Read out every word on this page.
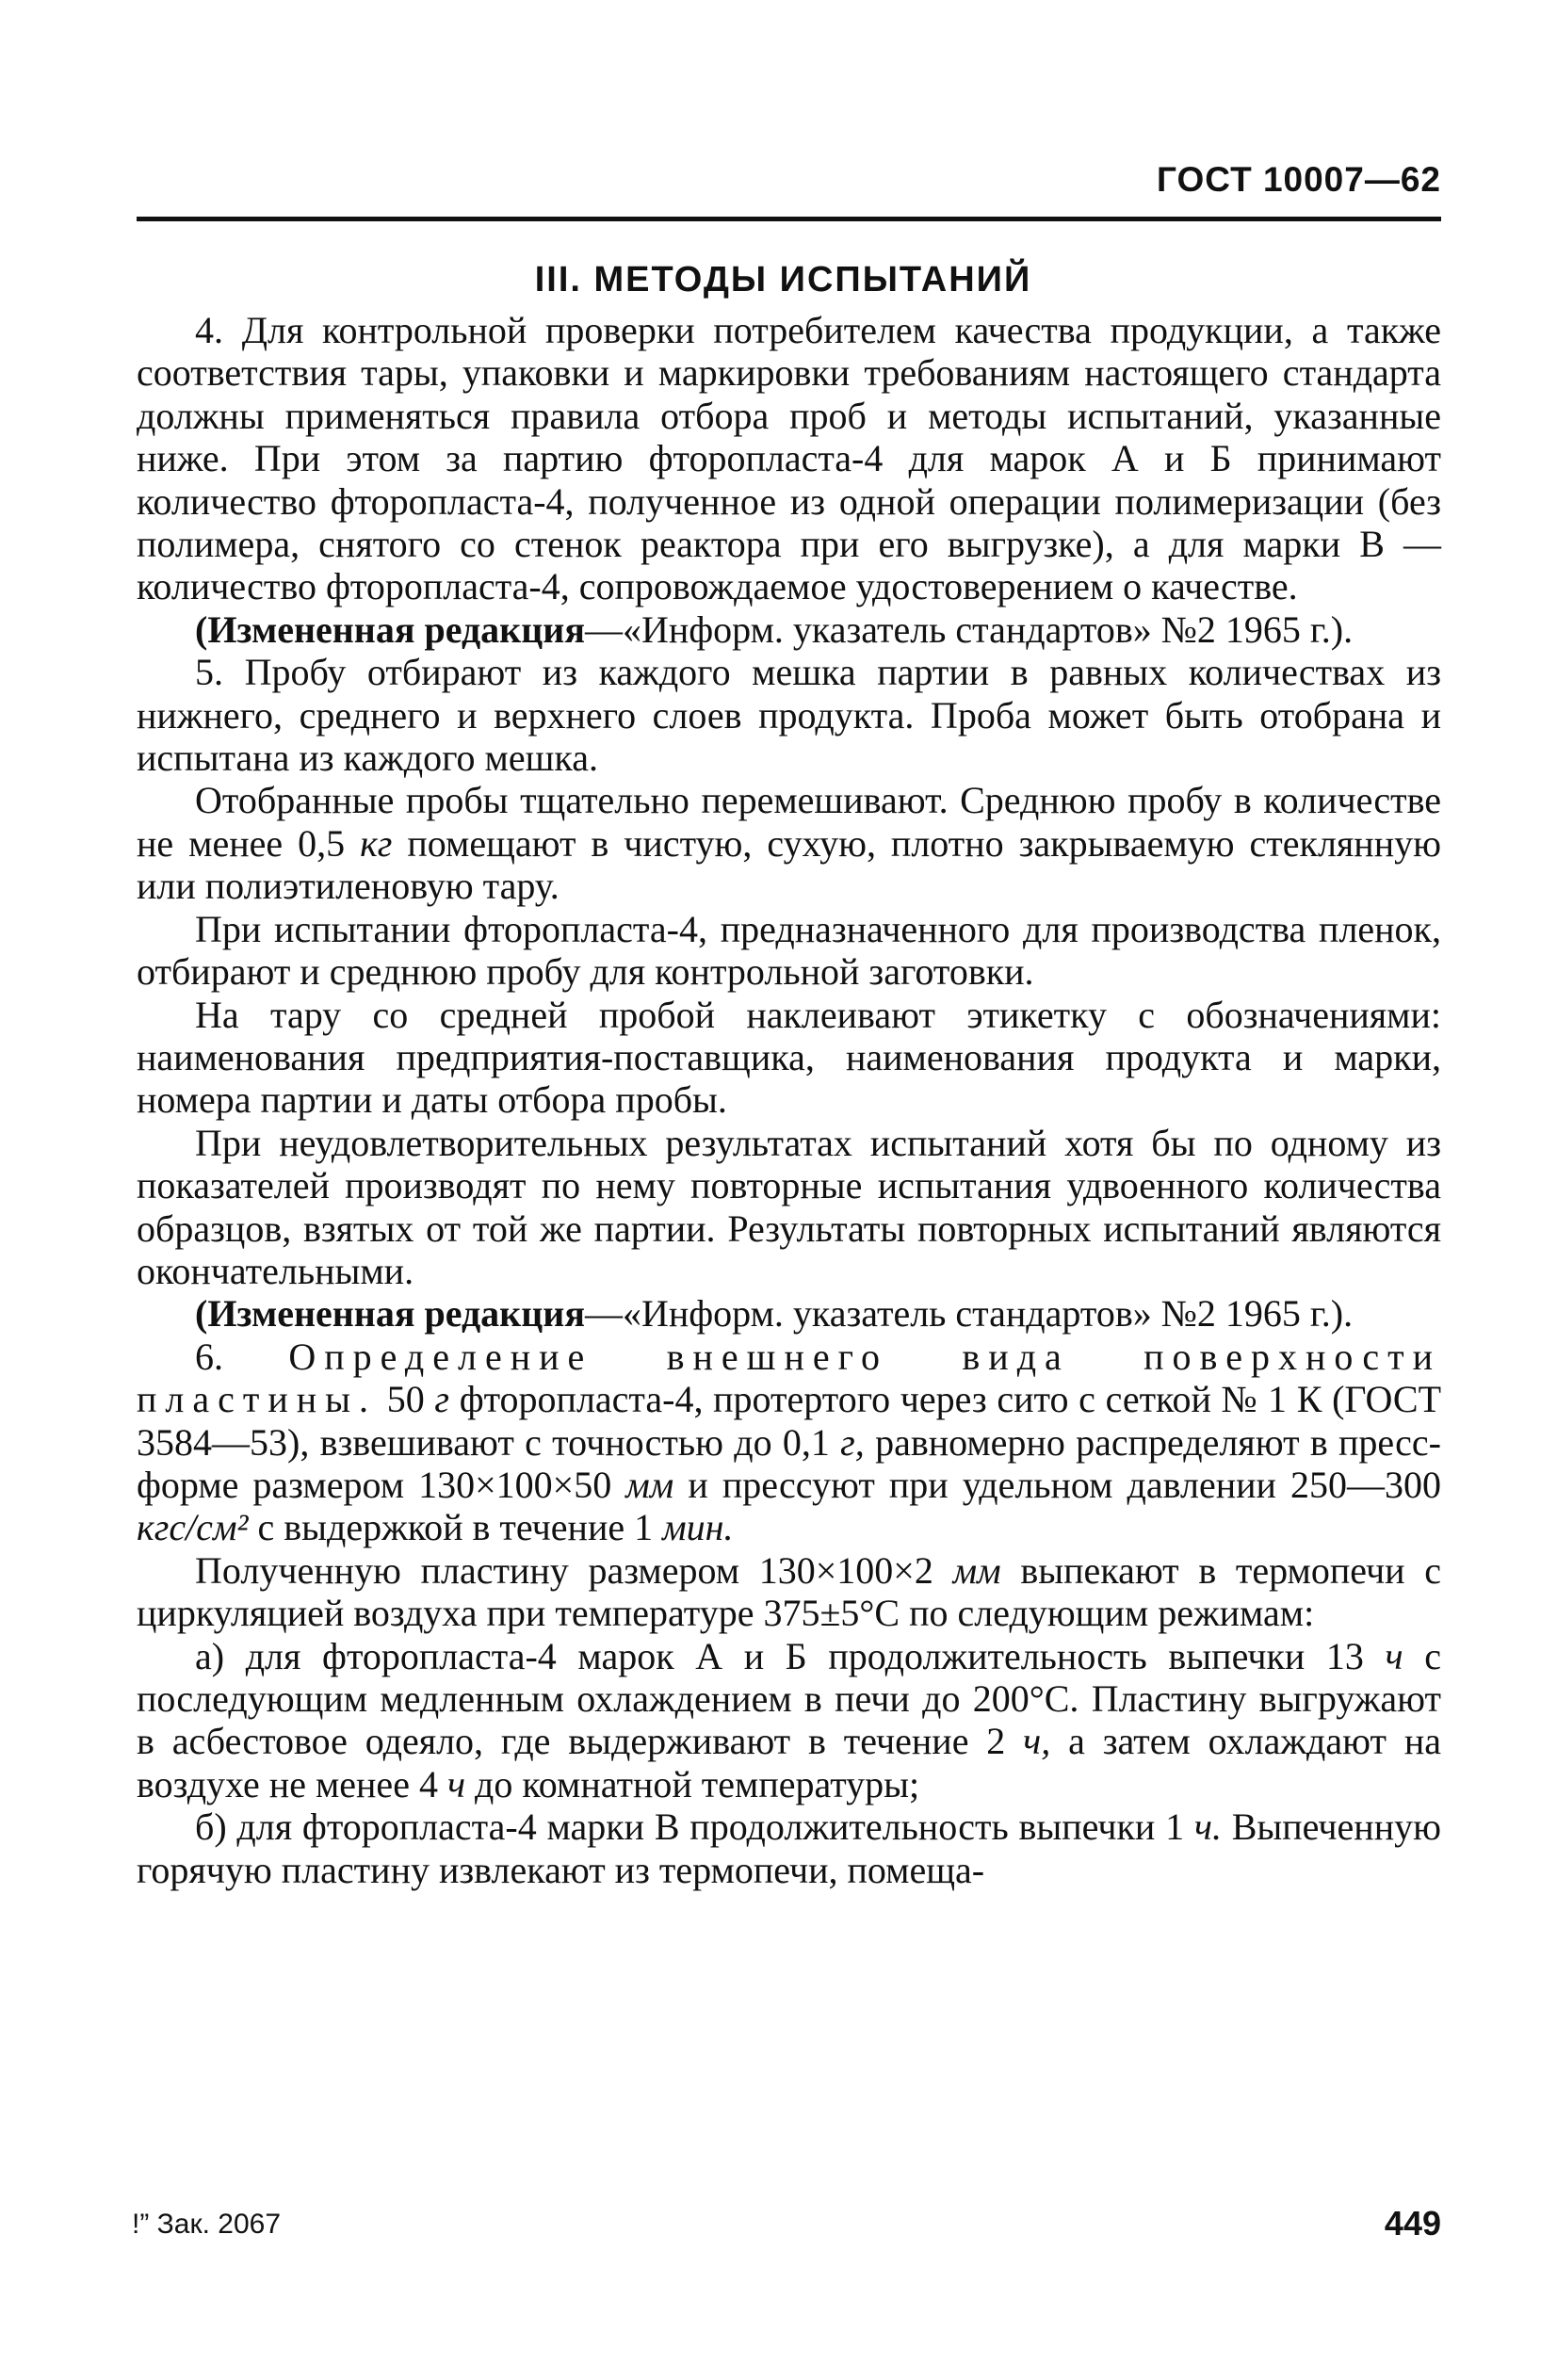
ГОСТ 10007—62
III. МЕТОДЫ ИСПЫТАНИЙ

4. Для контрольной проверки потребителем качества продукции, а также соответствия тары, упаковки и маркировки требованиям настоящего стандарта должны применяться правила отбора проб и методы испытаний, указанные ниже. При этом за партию фторопласта-4 для марок А и Б принимают количество фторопласта-4, полученное из одной операции полимеризации (без полимера, снятого со стенок реактора при его выгрузке), а для марки В — количество фторопласта-4, сопровождаемое удостоверением о качестве.

(Измененная редакция—«Информ. указатель стандартов» №2 1965 г.).

5. Пробу отбирают из каждого мешка партии в равных количествах из нижнего, среднего и верхнего слоев продукта. Проба может быть отобрана и испытана из каждого мешка.

Отобранные пробы тщательно перемешивают. Среднюю пробу в количестве не менее 0,5 кг помещают в чистую, сухую, плотно закрываемую стеклянную или полиэтиленовую тару.

При испытании фторопласта-4, предназначенного для производства пленок, отбирают и среднюю пробу для контрольной заготовки.

На тару со средней пробой наклеивают этикетку с обозначениями: наименования предприятия-поставщика, наименования продукта и марки, номера партии и даты отбора пробы.

При неудовлетворительных результатах испытаний хотя бы по одному из показателей производят по нему повторные испытания удвоенного количества образцов, взятых от той же партии. Результаты повторных испытаний являются окончательными.

(Измененная редакция—«Информ. указатель стандартов» №2 1965 г.).

6. Определение внешнего вида поверхности пластины. 50 г фторопласта-4, протертого через сито с сеткой № 1 К (ГОСТ 3584—53), взвешивают с точностью до 0,1 г, равномерно распределяют в пресс-форме размером 130×100×50 мм и прессуют при удельном давлении 250—300 кгс/см² с выдержкой в течение 1 мин.

Полученную пластину размером 130×100×2 мм выпекают в термопечи с циркуляцией воздуха при температуре 375±5°С по следующим режимам:

а) для фторопласта-4 марок А и Б продолжительность выпечки 13 ч с последующим медленным охлаждением в печи до 200°С. Пластину выгружают в асбестовое одеяло, где выдерживают в течение 2 ч, а затем охлаждают на воздухе не менее 4 ч до комнатной температуры;

б) для фторопласта-4 марки В продолжительность выпечки 1 ч. Выпеченную горячую пластину извлекают из термопечи, помеща-

!” Зак. 2067	449
